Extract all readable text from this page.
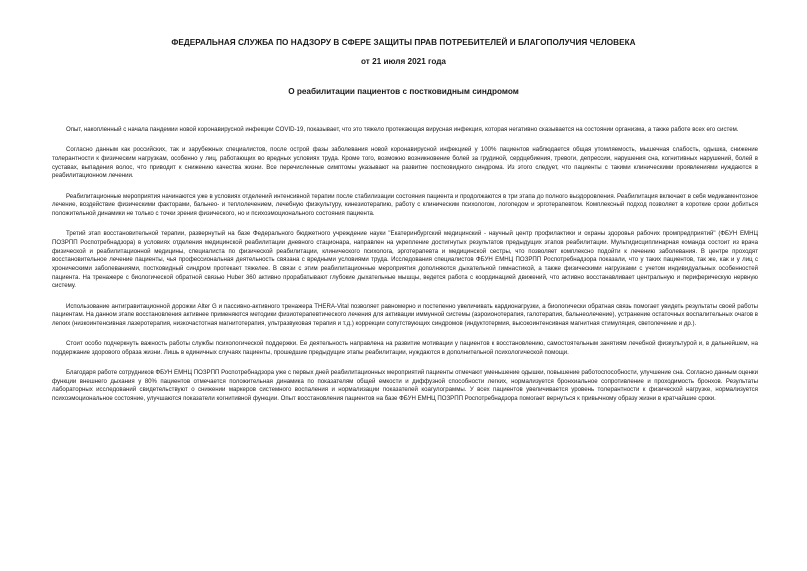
ФЕДЕРАЛЬНАЯ СЛУЖБА ПО НАДЗОРУ В СФЕРЕ ЗАЩИТЫ ПРАВ ПОТРЕБИТЕЛЕЙ И БЛАГОПОЛУЧИЯ ЧЕЛОВЕКА
от 21 июля 2021 года
О реабилитации пациентов с постковидным синдромом

Опыт, накопленный с начала пандемии новой коронавирусной инфекции COVID-19, показывает, что это тяжело протекающая вирусная инфекция, которая негативно сказывается на состоянии организма, а также работе всех его систем.

Согласно данным как российских, так и зарубежных специалистов, после острой фазы заболевания новой коронавирусной инфекцией у 100% пациентов наблюдается общая утомляемость, мышечная слабость, одышка, снижение толерантности к физическим нагрузкам, особенно у лиц, работающих во вредных условиях труда. Кроме того, возможно возникновение болей за грудиной, сердцебиения, тревоги, депрессии, нарушения сна, когнитивных нарушений, болей в суставах, выпадения волос, что приводит к снижению качества жизни. Все перечисленные симптомы указывают на развитие постковидного синдрома. Из этого следует, что пациенты с такими клиническими проявлениями нуждаются в реабилитационном лечении.

Реабилитационные мероприятия начинаются уже в условиях отделений интенсивной терапии после стабилизации состояния пациента и продолжаются в три этапа до полного выздоровления. Реабилитация включает в себя медикаментозное лечение, воздействие физическими факторами, бальнео- и теплолечением, лечебную физкультуру, кинезиотерапию, работу с клиническим психологом, логопедом и эрготерапевтом. Комплексный подход позволяет в короткие сроки добиться положительной динамики не только с точки зрения физического, но и психоэмоционального состояния пациента.

Третий этап восстановительной терапии, развернутый на базе Федерального бюджетного учреждение науки "Екатеринбургский медицинский - научный центр профилактики и охраны здоровья рабочих промпредприятий" (ФБУН ЕМНЦ ПОЗРПП Роспотребнадзора) в условиях отделения медицинской реабилитации дневного стационара, направлен на укрепление достигнутых результатов предыдущих этапов реабилитации. Мультидисциплинарная команда состоит из врача физической и реабилитационной медицины, специалиста по физической реабилитации, клинического психолога, эрготерапевта и медицинской сестры, что позволяет комплексно подойти к лечению заболевания. В центре проходят восстановительное лечение пациенты, чья профессиональная деятельность связана с вредными условиями труда. Исследования специалистов ФБУН ЕМНЦ ПОЗРПП Роспотребнадзора показали, что у таких пациентов, так же, как и у лиц с хроническими заболеваниями, постковидный синдром протекает тяжелее. В связи с этим реабилитационные мероприятия дополняются дыхательной гимнастикой, а также физическими нагрузками с учетом индивидуальных особенностей пациента. На тренажере с биологической обратной связью Huber 360 активно прорабатывают глубокие дыхательные мышцы, ведется работа с координацией движений, что активно восстанавливает центральную и периферическую нервную систему.

Использование антигравитационной дорожки Alter G и пассивно-активного тренажера THERA-Vital позволяет равномерно и постепенно увеличивать кардионагрузки, а биологически обратная связь помогает увидеть результаты своей работы пациентам. На данном этапе восстановления активнее применяются методики физиотерапевтического лечения для активации иммунной системы (аэроионотерапия, галотерапия, бальнеолечение), устранение остаточных воспалительных очагов в легких (низкоинтенсивная лазеротерапия, низкочастотная магнитотерапия, ультразвуковая терапия и т.д.) коррекции сопутствующих синдромов (индуктотермия, высокоинтенсивная магнитная стимуляция, светолечение и др.).

Стоит особо подчеркнуть важность работы службы психологической поддержки. Ее деятельность направлена на развитие мотивации у пациентов к восстановлению, самостоятельным занятиям лечебной физкультурой и, в дальнейшем, на поддержание здорового образа жизни. Лишь в единичных случаях пациенты, прошедшие предыдущие этапы реабилитации, нуждаются в дополнительной психологической помощи.

Благодаря работе сотрудников ФБУН ЕМНЦ ПОЗРПП Роспотребнадзора уже с первых дней реабилитационных мероприятий пациенты отмечают уменьшение одышки, повышение работоспособности, улучшение сна. Согласно данным оценки функции внешнего дыхания у 80% пациентов отмечается положительная динамика по показателям общей емкости и диффузной способности легких, нормализуется бронхиальное сопротивление и проходимость бронхов. Результаты лабораторных исследований свидетельствуют о снижении маркеров системного воспаления и нормализации показателей коагулограммы. У всех пациентов увеличивается уровень толерантности к физической нагрузке, нормализуется психоэмоциональное состояние, улучшаются показатели когнитивной функции. Опыт восстановления пациентов на базе ФБУН ЕМНЦ ПОЗРПП Роспотребнадзора помогает вернуться к привычному образу жизни в кратчайшие сроки.
